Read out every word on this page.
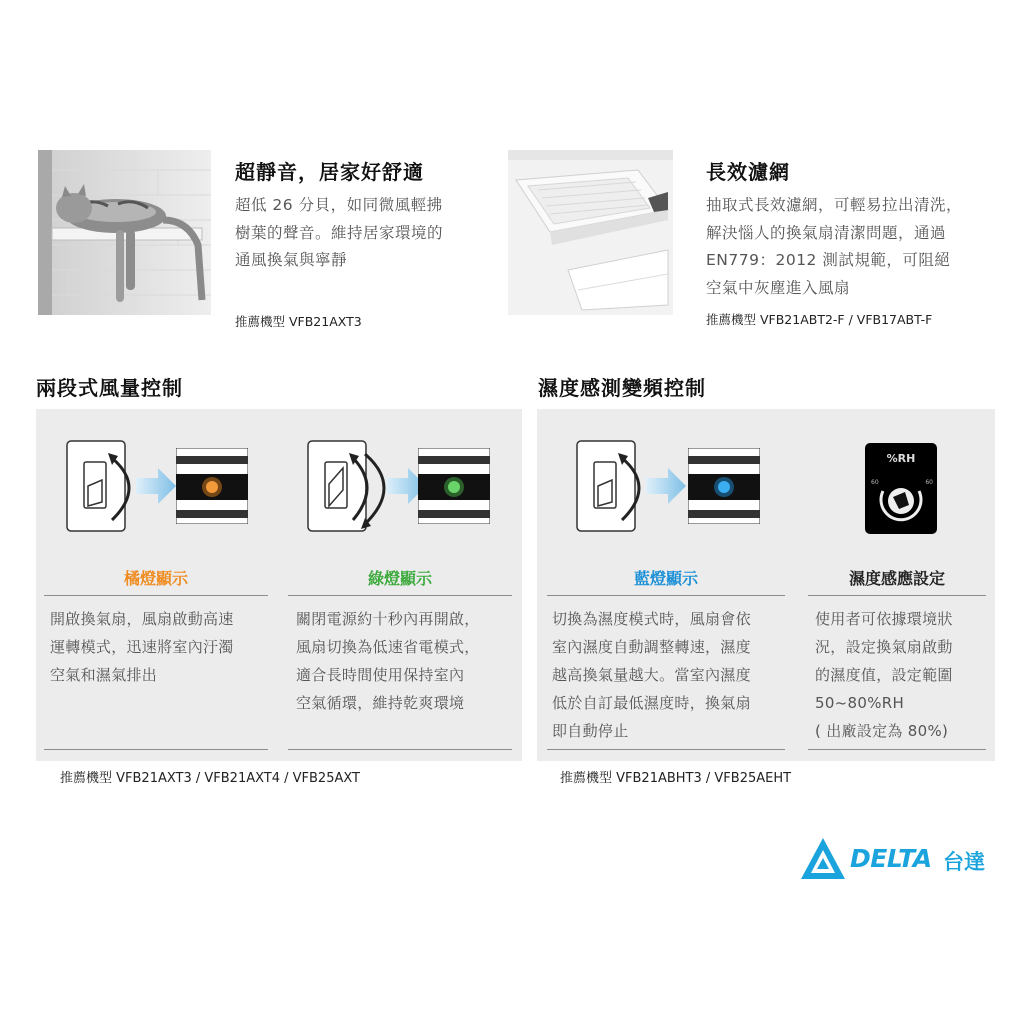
超靜音，居家好舒適
超低 26 分貝，如同微風輕拂
樹葉的聲音。維持居家環境的
通風換氣與寧靜
推薦機型 VFB21AXT3
長效濾網
抽取式長效濾網，可輕易拉出清洗，
解決惱人的換氣扇清潔問題，通過
EN779：2012 測試規範，可阻絕
空氣中灰塵進入風扇
推薦機型 VFB21ABT2-F / VFB17ABT-F
兩段式風量控制	濕度感測變頻控制
%RH
60	60
橘燈顯示	綠燈顯示	藍燈顯示	濕度感應設定
開啟換氣扇，風扇啟動高速
運轉模式，迅速將室內汙濁
空氣和濕氣排出
關閉電源約十秒內再開啟，
風扇切換為低速省電模式，
適合長時間使用保持室內
空氣循環，維持乾爽環境
切換為濕度模式時，風扇會依
室內濕度自動調整轉速，濕度
越高換氣量越大。當室內濕度
低於自訂最低濕度時，換氣扇
即自動停止
使用者可依據環境狀
況，設定換氣扇啟動
的濕度值，設定範圍
50~80%RH
( 出廠設定為 80%)
推薦機型 VFB21AXT3 / VFB21AXT4 / VFB25AXT	推薦機型 VFB21ABHT3 / VFB25AEHT
DELTA 台達
